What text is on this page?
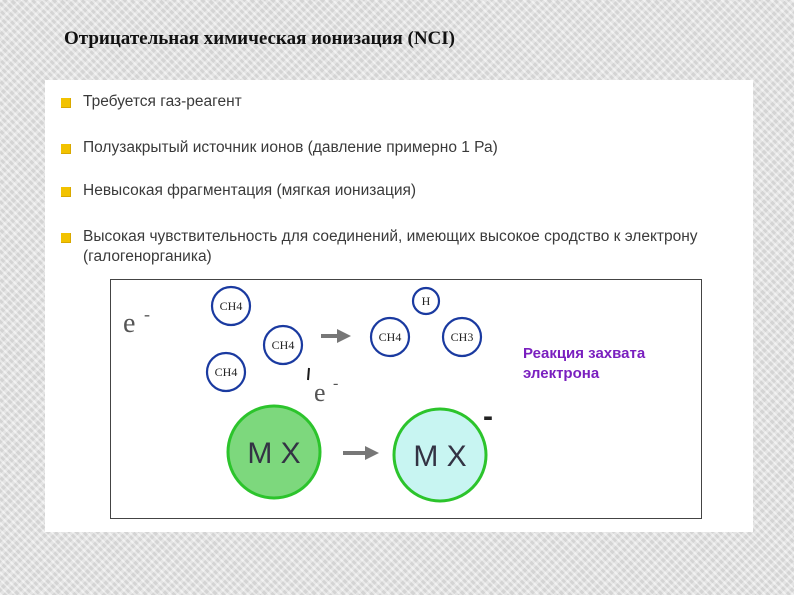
Отрицательная химическая ионизация (NCI)
Требуется газ-реагент
Полузакрытый источник ионов (давление примерно 1 Ра)
Невысокая фрагментация (мягкая ионизация)
Высокая чувствительность для соединений, имеющих высокое сродство к электрону (галогенорганика)
e -	CH4
CH4
CH4
e -
CH4
H
CH3
M X	M X
-
Реакция захвата электрона
